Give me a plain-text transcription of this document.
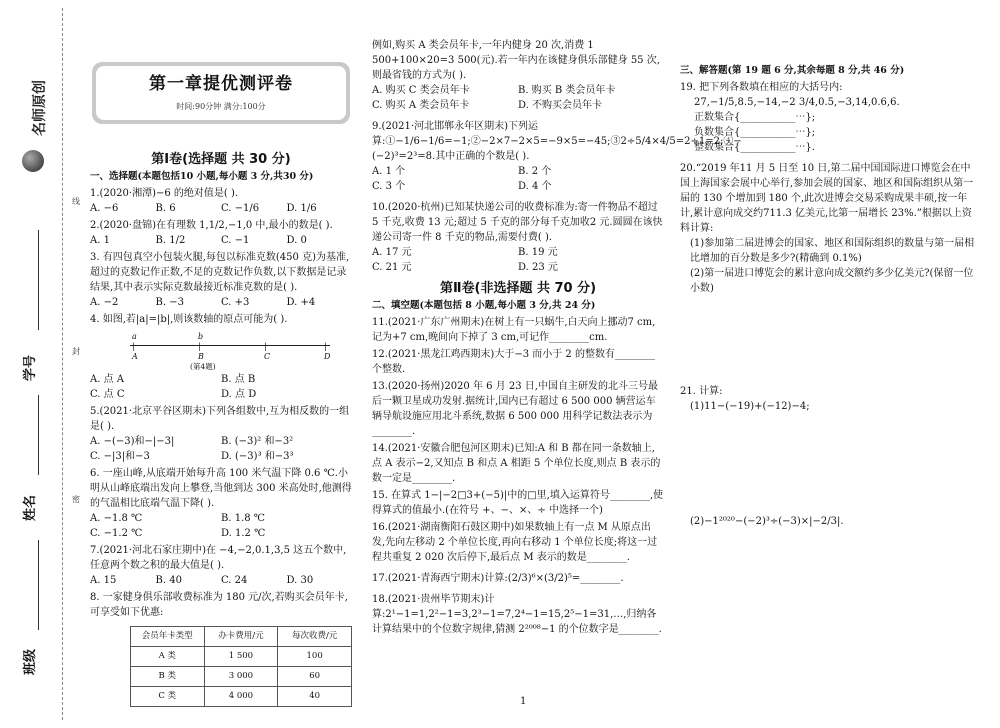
名师原创
线
封
密
学号
姓名
班级
第一章提优测评卷
时间:90分钟 满分:100分
第Ⅰ卷(选择题 共 30 分)
一、选择题(本题包括10 小题,每小题 3 分,共30 分)
1.(2020·湘潭)−6 的绝对值是( ).
A. −6	B. 6	C. −1/6	D. 1/6
2.(2020·盘锦)在有理数 1,1/2,−1,0 中,最小的数是( ).
A. 1	B. 1/2	C. −1	D. 0
3. 有四包真空小包装火腿,每包以标准克数(450 克)为基准,超过的克数记作正数,不足的克数记作负数,以下数据是记录结果,其中表示实际克数最接近标准克数的是( ).
A. −2	B. −3	C. +3	D. +4
4. 如图,若|a|=|b|,则该数轴的原点可能为( ).
|	|	|	|
a	b
A	B	C	D
(第4题)
A. 点 A	B. 点 B
C. 点 C	D. 点 D
5.(2021·北京平谷区期末)下列各组数中,互为相反数的一组是( ).
A. −(−3)和−|−3|	B. (−3)² 和−3²
C. −|3|和−3	D. (−3)³ 和−3³
6. 一座山峰,从底端开始每升高 100 米气温下降 0.6 ℃.小明从山峰底端出发向上攀登,当他到达 300 米高处时,他测得的气温相比底端气温下降( ).
A. −1.8 ℃	B. 1.8 ℃
C. −1.2 ℃	D. 1.2 ℃
7.(2021·河北石家庄期中)在 −4,−2,0.1,3,5 这五个数中,任意两个数之积的最大值是( ).
A. 15	B. 40	C. 24	D. 30
8. 一家健身俱乐部收费标准为 180 元/次,若购买会员年卡,可享受如下优惠:
会员年卡类型	办卡费用/元	每次收费/元
A 类	1 500	100
B 类	3 000	60
C 类	4 000	40
例如,购买 A 类会员年卡,一年内健身 20 次,消费 1 500+100×20=3 500(元).若一年内在该健身俱乐部健身 55 次,则最省钱的方式为( ).
A. 购买 C 类会员年卡	B. 购买 B 类会员年卡
C. 购买 A 类会员年卡	D. 不购买会员年卡
9.(2021·河北邯郸永年区期末)下列运算:①−1/6−1/6=−1;②−2×7−2×5=−9×5=−45;③2÷5/4×4/5=2÷1=2;④−(−2)³=2³=8.其中正确的个数是( ).
A. 1 个	B. 2 个
C. 3 个	D. 4 个
10.(2020·杭州)已知某快递公司的收费标准为:寄一件物品不超过 5 千克,收费 13 元;超过 5 千克的部分每千克加收2 元.圆圆在该快递公司寄一件 8 千克的物品,需要付费( ).
A. 17 元	B. 19 元
C. 21 元	D. 23 元
第Ⅱ卷(非选择题 共 70 分)
二、填空题(本题包括 8 小题,每小题 3 分,共 24 分)
11.(2021·广东广州期末)在树上有一只蜗牛,白天向上挪动7 cm,记为+7 cm,晚间向下掉了 3 cm,可记作________cm.
12.(2021·黑龙江鸡西期末)大于−3 而小于 2 的整数有________个整数.
13.(2020·扬州)2020 年 6 月 23 日,中国自主研发的北斗三号最后一颗卫星成功发射.据统计,国内已有超过 6 500 000 辆营运车辆导航设施应用北斗系统,数据 6 500 000 用科学记数法表示为________.
14.(2021·安徽合肥包河区期末)已知:A 和 B 都在同一条数轴上,点 A 表示−2,又知点 B 和点 A 相距 5 个单位长度,则点 B 表示的数一定是________.
15. 在算式 1−|−2□3+(−5)|中的□里,填入运算符号________,使得算式的值最小.(在符号 +、−、×、÷ 中选择一个)
16.(2021·湖南衡阳石鼓区期中)如果数轴上有一点 M 从原点出发,先向左移动 2 个单位长度,再向右移动 1 个单位长度;将这一过程共重复 2 020 次后停下,最后点 M 表示的数是________.
17.(2021·青海西宁期末)计算:(2/3)⁶×(3/2)⁵=________.
18.(2021·贵州毕节期末)计算:2¹−1=1,2²−1=3,2³−1=7,2⁴−1=15,2⁵−1=31,…,归纳各计算结果中的个位数字规律,猜测 2²⁰⁰⁸−1 的个位数字是________.
三、解答题(第 19 题 6 分,其余每题 8 分,共 46 分)
19. 把下列各数填在相应的大括号内:
27,−1/5,8.5,−14,−2 3/4,0.5,−3,14,0.6,6.
正数集合{___________⋯};
负数集合{___________⋯};
整数集合{___________⋯}.
20.“2019 年11 月 5 日至 10 日,第二届中国国际进口博览会在中国上海国家会展中心举行,参加会展的国家、地区和国际组织从第一届的 130 个增加到 180 个,此次进博会交易采购成果丰硕,按一年计,累计意向成交约711.3 亿美元,比第一届增长 23%.”根据以上资料计算:
(1)参加第二届进博会的国家、地区和国际组织的数量与第一届相比增加的百分数是多少?(精确到 0.1%)
(2)第一届进口博览会的累计意向成交额约多少亿美元?(保留一位小数)
21. 计算:
(1)11−(−19)+(−12)−4;
(2)−1²⁰²⁰−(−2)³÷(−3)×|−2/3|.
1
